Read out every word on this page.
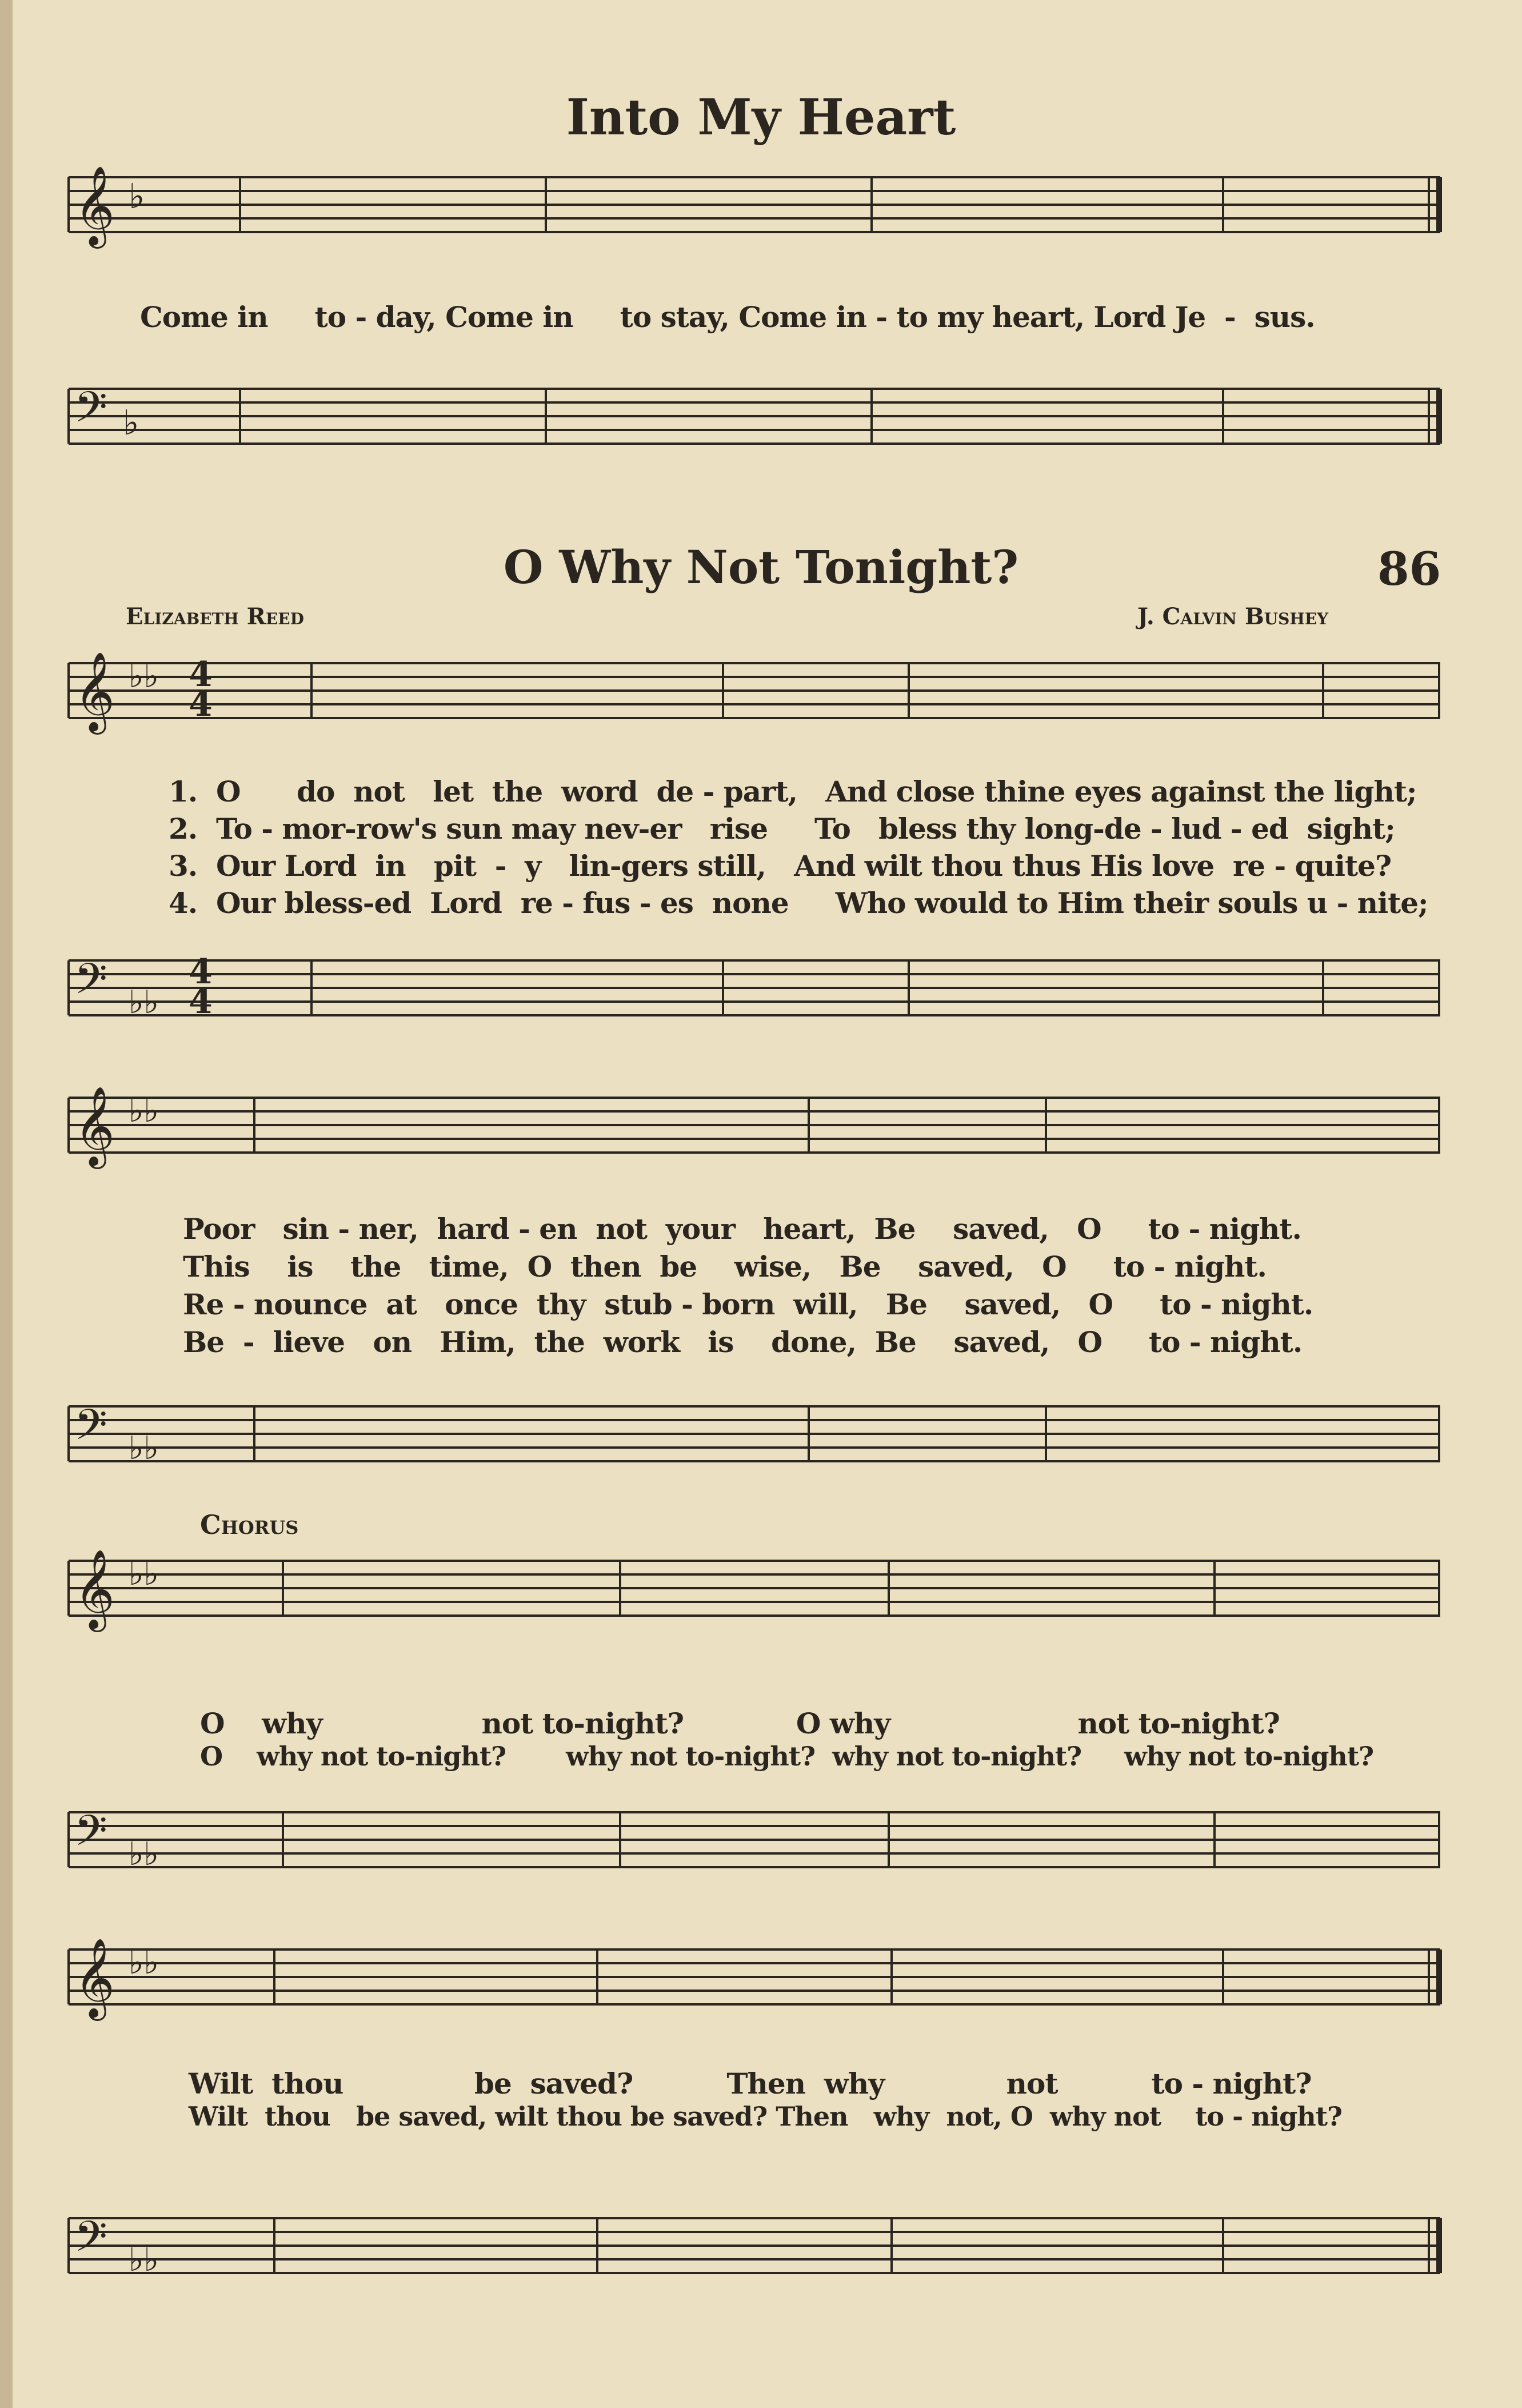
Into My Heart
𝄞 ♭
Come in     to - day, Come in     to stay, Come in - to my heart, Lord Je  -  sus.
𝄢 ♭
O Why Not Tonight?	86
Elizabeth Reed	J. Calvin Bushey
𝄞 ♭♭ 4
4
1.  O      do  not   let  the  word  de - part,   And close thine eyes against the light;
2.  To - mor-row's sun may nev-er   rise     To   bless thy long-de - lud - ed  sight;
3.  Our Lord  in   pit  -  y   lin-gers still,   And wilt thou thus His love  re - quite?
4.  Our bless-ed  Lord  re - fus - es  none     Who would to Him their souls u - nite;
𝄢 ♭♭
4
4
𝄞 ♭♭
Poor   sin - ner,  hard - en  not  your   heart,  Be    saved,   O     to - night.
This    is    the   time,  O  then  be    wise,   Be    saved,   O     to - night.
Re - nounce  at   once  thy  stub - born  will,   Be    saved,   O     to - night.
Be  -  lieve   on   Him,  the  work   is    done,  Be    saved,   O     to - night.
𝄢 ♭♭
Chorus
𝄞 ♭♭
O    why                 not to-night?            O why                    not to-night?
O    why not to-night?       why not to-night?  why not to-night?     why not to-night?
𝄢 ♭♭
𝄞 ♭♭
Wilt  thou              be  saved?          Then  why             not          to - night?
Wilt  thou   be saved, wilt thou be saved? Then   why  not, O  why not    to - night?
𝄢 ♭♭
